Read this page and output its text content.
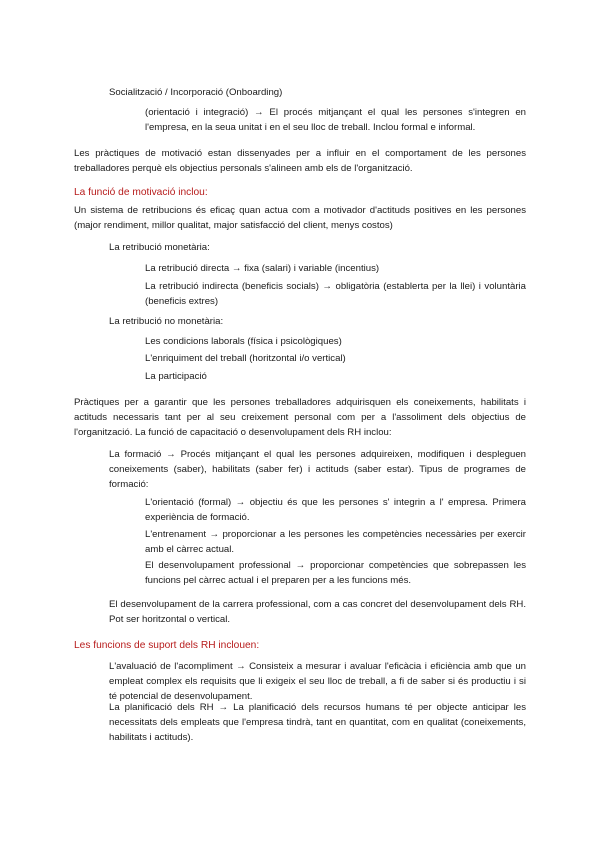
Socialització / Incorporació (Onboarding)

(orientació i integració) → El procés mitjançant el qual les persones s'integren en l'empresa, en la seua unitat i en el seu lloc de treball. Inclou formal e informal.

Les pràctiques de motivació estan dissenyades per a influir en el comportament de les persones treballadores perquè els objectius personals s'alineen amb els de l'organització.

La funció de motivació inclou:

Un sistema de retribucions és eficaç quan actua com a motivador d'actituds positives en les persones (major rendiment, millor qualitat, major satisfacció del client, menys costos)

La retribució monetària:

La retribució directa → fixa (salari) i variable (incentius)

La retribució indirecta (beneficis socials) → obligatòria (establerta per la llei) i voluntària (beneficis extres)

La retribució no monetària:

Les condicions laborals (física i psicològiques)

L'enriquiment del treball (horitzontal i/o vertical)

La participació

Pràctiques per a garantir que les persones treballadores adquirisquen els coneixements, habilitats i actituds necessaris tant per al seu creixement personal com per a l'assoliment dels objectius de l'organització. La funció de capacitació o desenvolupament dels RH inclou:

La formació → Procés mitjançant el qual les persones adquireixen, modifiquen i despleguen coneixements (saber), habilitats (saber fer) i actituds (saber estar). Tipus de programes de formació:

L'orientació (formal) → objectiu és que les persones s' integrin a l' empresa. Primera experiència de formació.

L'entrenament → proporcionar a les persones les competències necessàries per exercir amb el càrrec actual.

El desenvolupament professional → proporcionar competències que sobrepassen les funcions pel càrrec actual i el preparen per a les funcions més.

El desenvolupament de la carrera professional, com a cas concret del desenvolupament dels RH. Pot ser horitzontal o vertical.

Les funcions de suport dels RH inclouen:

L'avaluació de l'acompliment → Consisteix a mesurar i avaluar l'eficàcia i eficiència amb que un empleat complex els requisits que li exigeix el seu lloc de treball, a fi de saber si és productiu i si té potencial de desenvolupament.

La planificació dels RH → La planificació dels recursos humans té per objecte anticipar les necessitats dels empleats que l'empresa tindrà, tant en quantitat, com en qualitat (coneixements, habilitats i actituds).
